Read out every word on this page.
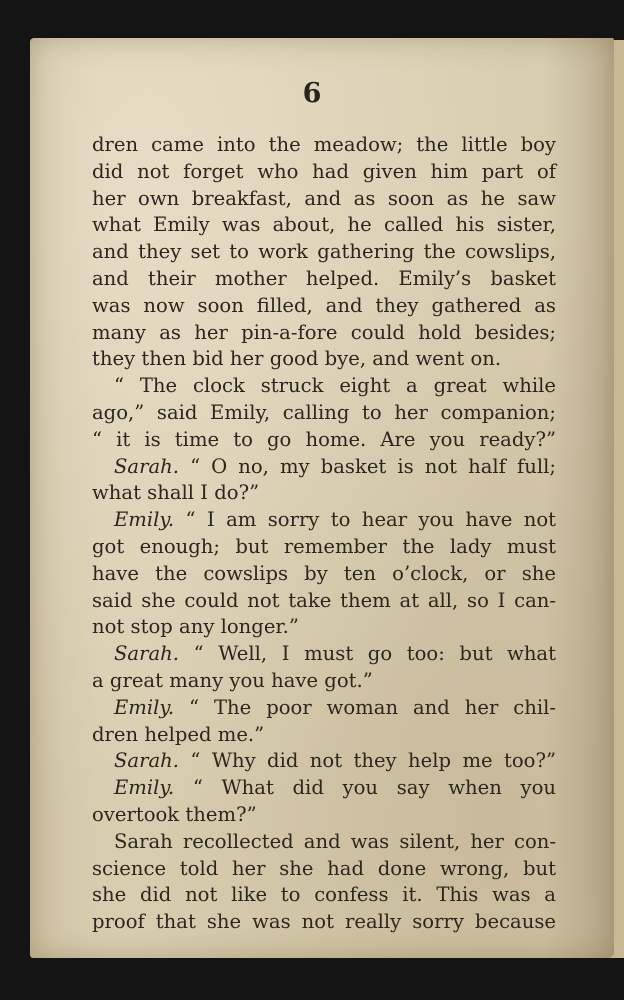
6
dren came into the meadow; the little boy
did not forget who had given him part of
her own breakfast, and as soon as he saw
what Emily was about, he called his sister,
and they set to work gathering the cowslips,
and their mother helped. Emily’s basket
was now soon filled, and they gathered as
many as her pin-a-fore could hold besides;
they then bid her good bye, and went on.
“ The clock struck eight a great while
ago,” said Emily, calling to her companion;
“ it is time to go home. Are you ready?”
Sarah. “ O no, my basket is not half full;
what shall I do?”
Emily. “ I am sorry to hear you have not
got enough; but remember the lady must
have the cowslips by ten o’clock, or she
said she could not take them at all, so I can-
not stop any longer.”
Sarah. “ Well, I must go too: but what
a great many you have got.”
Emily. “ The poor woman and her chil-
dren helped me.”
Sarah. “ Why did not they help me too?”
Emily. “ What did you say when you
overtook them?”
Sarah recollected and was silent, her con-
science told her she had done wrong, but
she did not like to confess it. This was a
proof that she was not really sorry because
